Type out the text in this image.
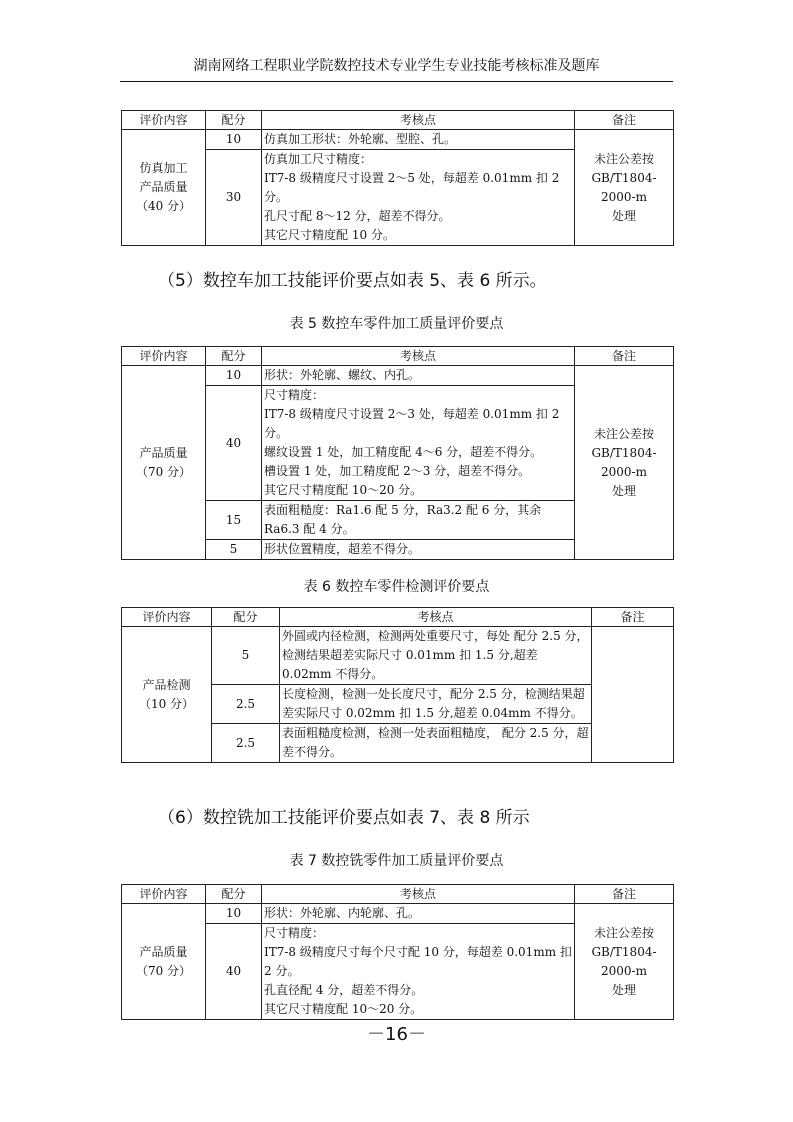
湖南网络工程职业学院数控技术专业学生专业技能考核标准及题库
评价内容	配分	考核点	备注
仿真加工
产品质量
（40 分）	10	仿真加工形状：外轮廓、型腔、孔。	未注公差按
GB/T1804-2000-m
处理
	30	仿真加工尺寸精度：
IT7-8 级精度尺寸设置 2～5 处，每超差 0.01mm 扣 2 分。
孔尺寸配 8～12 分，超差不得分。
其它尺寸精度配 10 分。	
（5）数控车加工技能评价要点如表 5、表 6 所示。
表 5 数控车零件加工质量评价要点
评价内容	配分	考核点	备注
产品质量
（70 分）	10	形状：外轮廓、螺纹、内孔。	未注公差按
GB/T1804-2000-m
处理
	40	尺寸精度：
IT7-8 级精度尺寸设置 2～3 处，每超差 0.01mm 扣 2 分。
螺纹设置 1 处，加工精度配 4～6 分，超差不得分。
槽设置 1 处，加工精度配 2～3 分，超差不得分。
其它尺寸精度配 10～20 分。	
	15	表面粗糙度：Ra1.6 配 5 分，Ra3.2 配 6 分，其余 Ra6.3 配 4 分。	
	5	形状位置精度，超差不得分。	
表 6 数控车零件检测评价要点
评价内容	配分	考核点	备注
产品检测
（10 分）	5	外圆或内径检测，检测两处重要尺寸，每处 配分 2.5 分，检测结果超差实际尺寸 0.01mm 扣 1.5 分,超差 0.02mm 不得分。	
	2.5	长度检测，检测一处长度尺寸，配分 2.5 分，检测结果超差实际尺寸 0.02mm 扣 1.5 分,超差 0.04mm 不得分。	
	2.5	表面粗糙度检测，检测一处表面粗糙度， 配分 2.5 分，超差不得分。	
（6）数控铣加工技能评价要点如表 7、表 8 所示
表 7 数控铣零件加工质量评价要点
评价内容	配分	考核点	备注
产品质量
（70 分）	10	形状：外轮廓、内轮廓、孔。	未注公差按
GB/T1804-2000-m
处理
	40	尺寸精度：
IT7-8 级精度尺寸每个尺寸配 10 分，每超差 0.01mm 扣 2 分。
孔直径配 4 分，超差不得分。
其它尺寸精度配 10～20 分。	
－16－
